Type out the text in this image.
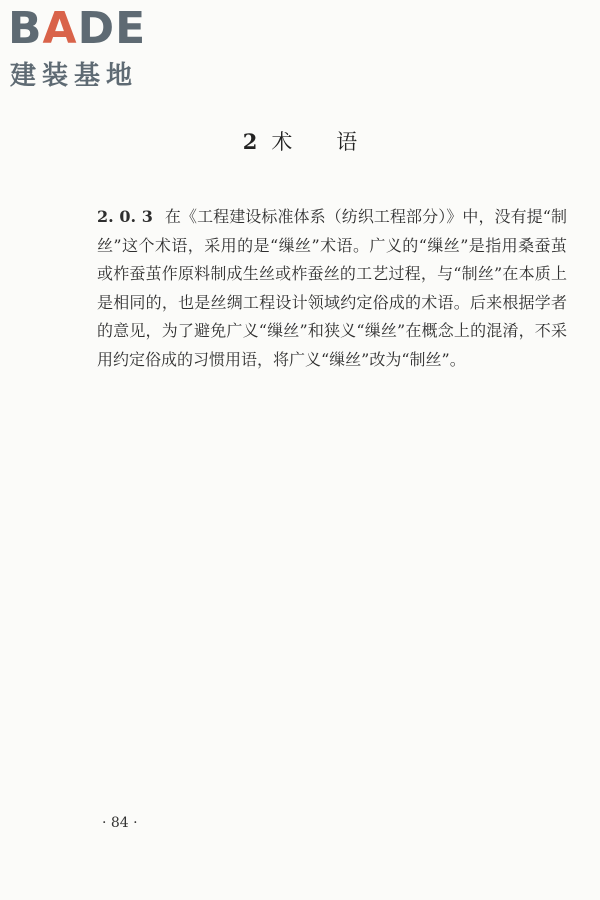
BADE
建装基地
2 术语
2. 0. 3 在《工程建设标准体系（纺织工程部分）》中，没有提“制丝”这个术语，采用的是“缫丝”术语。广义的“缫丝”是指用桑蚕茧或柞蚕茧作原料制成生丝或柞蚕丝的工艺过程，与“制丝”在本质上是相同的，也是丝绸工程设计领域约定俗成的术语。后来根据学者的意见，为了避免广义“缫丝”和狭义“缫丝”在概念上的混淆，不采用约定俗成的习惯用语，将广义“缫丝”改为“制丝”。
· 84 ·
